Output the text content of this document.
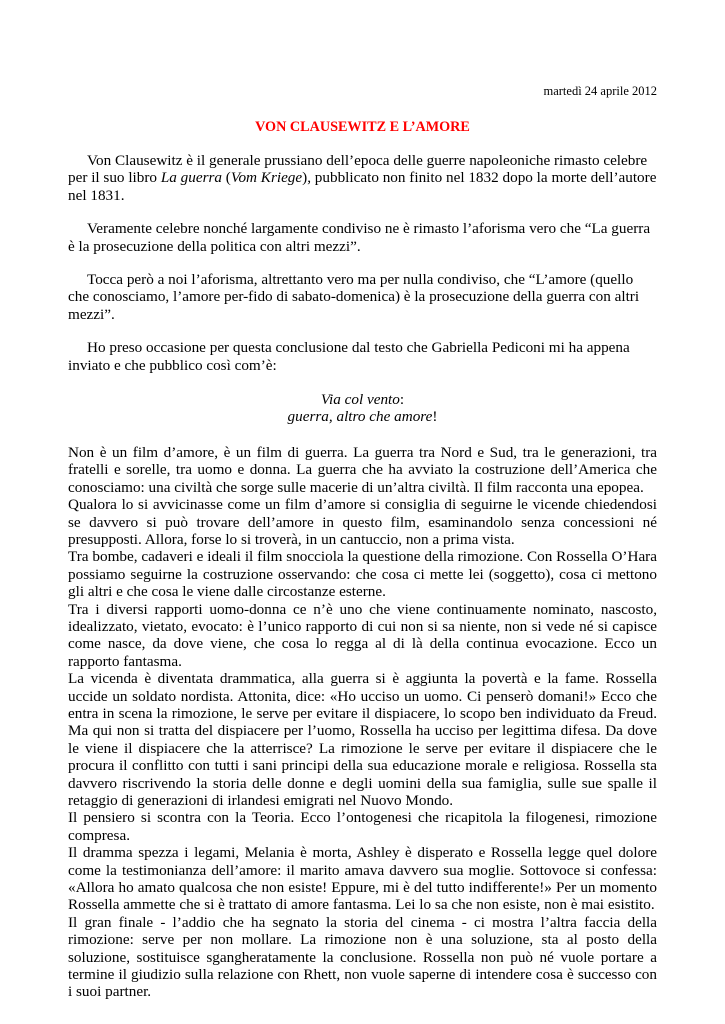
martedì 24 aprile 2012
VON CLAUSEWITZ E L’AMORE

Von Clausewitz è il generale prussiano dell’epoca delle guerre napoleoniche rimasto celebre per il suo libro La guerra (Vom Kriege), pubblicato non finito nel 1832 dopo la morte dell’autore nel 1831.

Veramente celebre nonché largamente condiviso ne è rimasto l’aforisma vero che “La guerra è la prosecuzione della politica con altri mezzi”.

Tocca però a noi l’aforisma, altrettanto vero ma per nulla condiviso, che “L’amore (quello che conosciamo, l’amore per-fido di sabato-domenica) è la prosecuzione della guerra con altri mezzi”.

Ho preso occasione per questa conclusione dal testo che Gabriella Pediconi mi ha appena inviato e che pubblico così com’è:

Via col vento:
guerra, altro che amore!

Non è un film d’amore, è un film di guerra. La guerra tra Nord e Sud, tra le generazioni, tra fratelli e sorelle, tra uomo e donna. La guerra che ha avviato la costruzione dell’America che conosciamo: una civiltà che sorge sulle macerie di un’altra civiltà. Il film racconta una epopea.

Qualora lo si avvicinasse come un film d’amore si consiglia di seguirne le vicende chiedendosi se davvero si può trovare dell’amore in questo film, esaminandolo senza concessioni né presupposti. Allora, forse lo si troverà, in un cantuccio, non a prima vista.

Tra bombe, cadaveri e ideali il film snocciola la questione della rimozione. Con Rossella O’Hara possiamo seguirne la costruzione osservando: che cosa ci mette lei (soggetto), cosa ci mettono gli altri e che cosa le viene dalle circostanze esterne.

Tra i diversi rapporti uomo-donna ce n’è uno che viene continuamente nominato, nascosto, idealizzato, vietato, evocato: è l’unico rapporto di cui non si sa niente, non si vede né si capisce come nasce, da dove viene, che cosa lo regga al di là della continua evocazione. Ecco un rapporto fantasma.

La vicenda è diventata drammatica, alla guerra si è aggiunta la povertà e la fame. Rossella uccide un soldato nordista. Attonita, dice: «Ho ucciso un uomo. Ci penserò domani!» Ecco che entra in scena la rimozione, le serve per evitare il dispiacere, lo scopo ben individuato da Freud. Ma qui non si tratta del dispiacere per l’uomo, Rossella ha ucciso per legittima difesa. Da dove le viene il dispiacere che la atterrisce? La rimozione le serve per evitare il dispiacere che le procura il conflitto con tutti i sani principi della sua educazione morale e religiosa. Rossella sta davvero riscrivendo la storia delle donne e degli uomini della sua famiglia, sulle sue spalle il retaggio di generazioni di irlandesi emigrati nel Nuovo Mondo.

Il pensiero si scontra con la Teoria. Ecco l’ontogenesi che ricapitola la filogenesi, rimozione compresa.

Il dramma spezza i legami, Melania è morta, Ashley è disperato e Rossella legge quel dolore come la testimonianza dell’amore: il marito amava davvero sua moglie. Sottovoce si confessa: «Allora ho amato qualcosa che non esiste! Eppure, mi è del tutto indifferente!» Per un momento Rossella ammette che si è trattato di amore fantasma. Lei lo sa che non esiste, non è mai esistito.

Il gran finale - l’addio che ha segnato la storia del cinema - ci mostra l’altra faccia della rimozione: serve per non mollare. La rimozione non è una soluzione, sta al posto della soluzione, sostituisce sgangheratamente la conclusione. Rossella non può né vuole portare a termine il giudizio sulla relazione con Rhett, non vuole saperne di intendere cosa è successo con i suoi partner.
